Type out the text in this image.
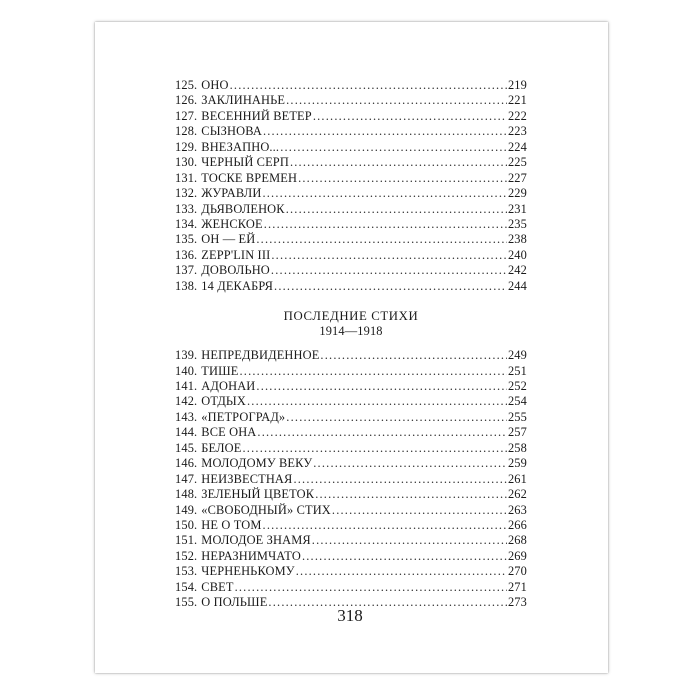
125. ОНО .....	219
126. ЗАКЛИНАНЬЕ .....	221
127. ВЕСЕННИЙ ВЕТЕР .....	222
128. СЫЗНОВА .....	223
129. ВНЕЗАПНО... .....	224
130. ЧЕРНЫЙ СЕРП .....	225
131. ТОСКЕ ВРЕМЕН .....	227
132. ЖУРАВЛИ .....	229
133. ДЬЯВОЛЕНОК .....	231
134. ЖЕНСКОЕ .....	235
135. ОН — ЕЙ .....	238
136. ZEPP'LIN III .....	240
137. ДОВОЛЬНО .....	242
138. 14 ДЕКАБРЯ .....	244
ПОСЛЕДНИЕ СТИХИ
1914—1918
139. НЕПРЕДВИДЕННОЕ .....	249
140. ТИШЕ .....	251
141. АДОНАИ .....	252
142. ОТДЫХ .....	254
143. «ПЕТРОГРАД» .....	255
144. ВСЕ ОНА .....	257
145. БЕЛОЕ .....	258
146. МОЛОДОМУ ВЕКУ .....	259
147. НЕИЗВЕСТНАЯ .....	261
148. ЗЕЛЕНЫЙ ЦВЕТОК .....	262
149. «СВОБОДНЫЙ» СТИХ .....	263
150. НЕ О ТОМ .....	266
151. МОЛОДОЕ ЗНАМЯ .....	268
152. НЕРАЗНИМЧАТО .....	269
153. ЧЕРНЕНЬКОМУ .....	270
154. СВЕТ .....	271
155. О ПОЛЬШЕ .....	273
318
